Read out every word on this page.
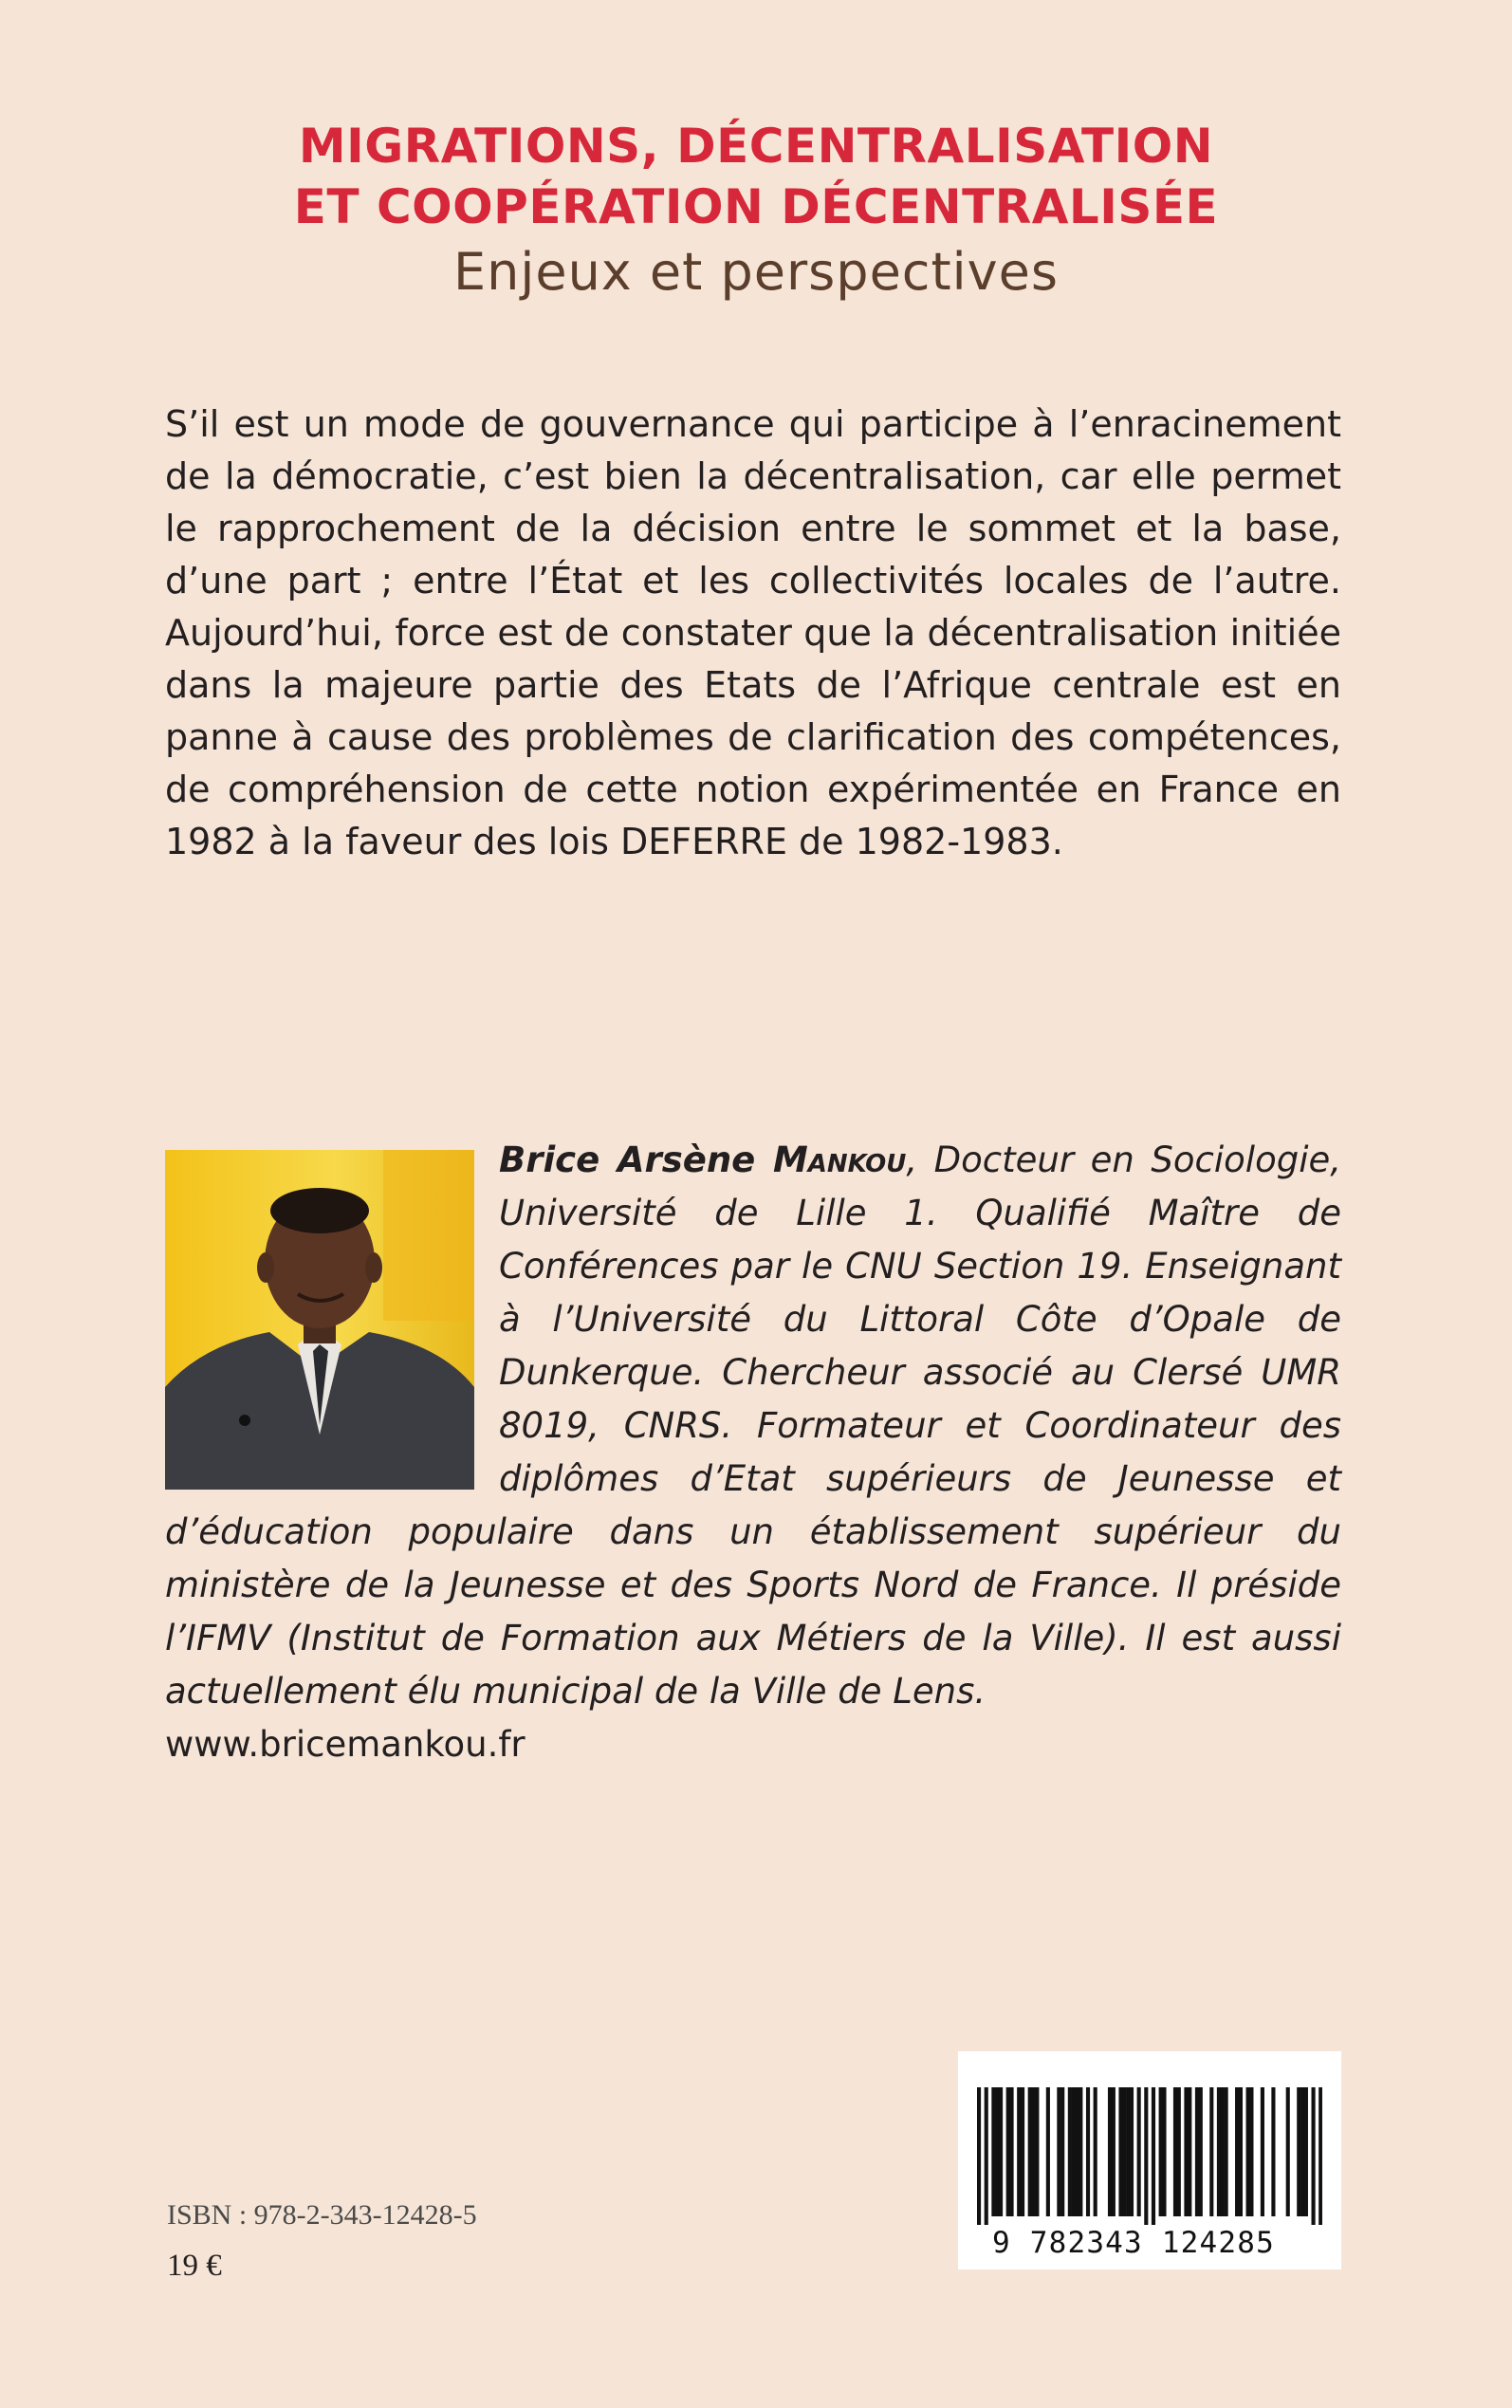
MIGRATIONS, DÉCENTRALISATION
ET COOPÉRATION DÉCENTRALISÉE
Enjeux et perspectives

S’il est un mode de gouvernance qui participe à l’enracinement de la démocratie, c’est bien la décentralisation, car elle permet le rapprochement de la décision entre le sommet et la base, d’une part ; entre l’État et les collectivités locales de l’autre. Aujourd’hui, force est de constater que la décentralisation initiée dans la majeure partie des Etats de l’Afrique centrale est en panne à cause des problèmes de clarification des compétences, de compréhension de cette notion expérimentée en France en 1982 à la faveur des lois DEFERRE de 1982-1983.

Brice Arsène Mankou, Docteur en Sociologie, Université de Lille 1. Qualifié Maître de Conférences par le CNU Section 19. Enseignant à l’Université du Littoral Côte d’Opale de Dunkerque. Chercheur associé au Clersé UMR 8019, CNRS. Formateur et Coordinateur des diplômes d’Etat supérieurs de Jeunesse et d’éducation populaire dans un établissement supérieur du ministère de la Jeunesse et des Sports Nord de France. Il préside l’IFMV (Institut de Formation aux Métiers de la Ville). Il est aussi actuellement élu municipal de la Ville de Lens.
www.bricemankou.fr

ISBN : 978-2-343-12428-5

19 €

9 782343 124285
